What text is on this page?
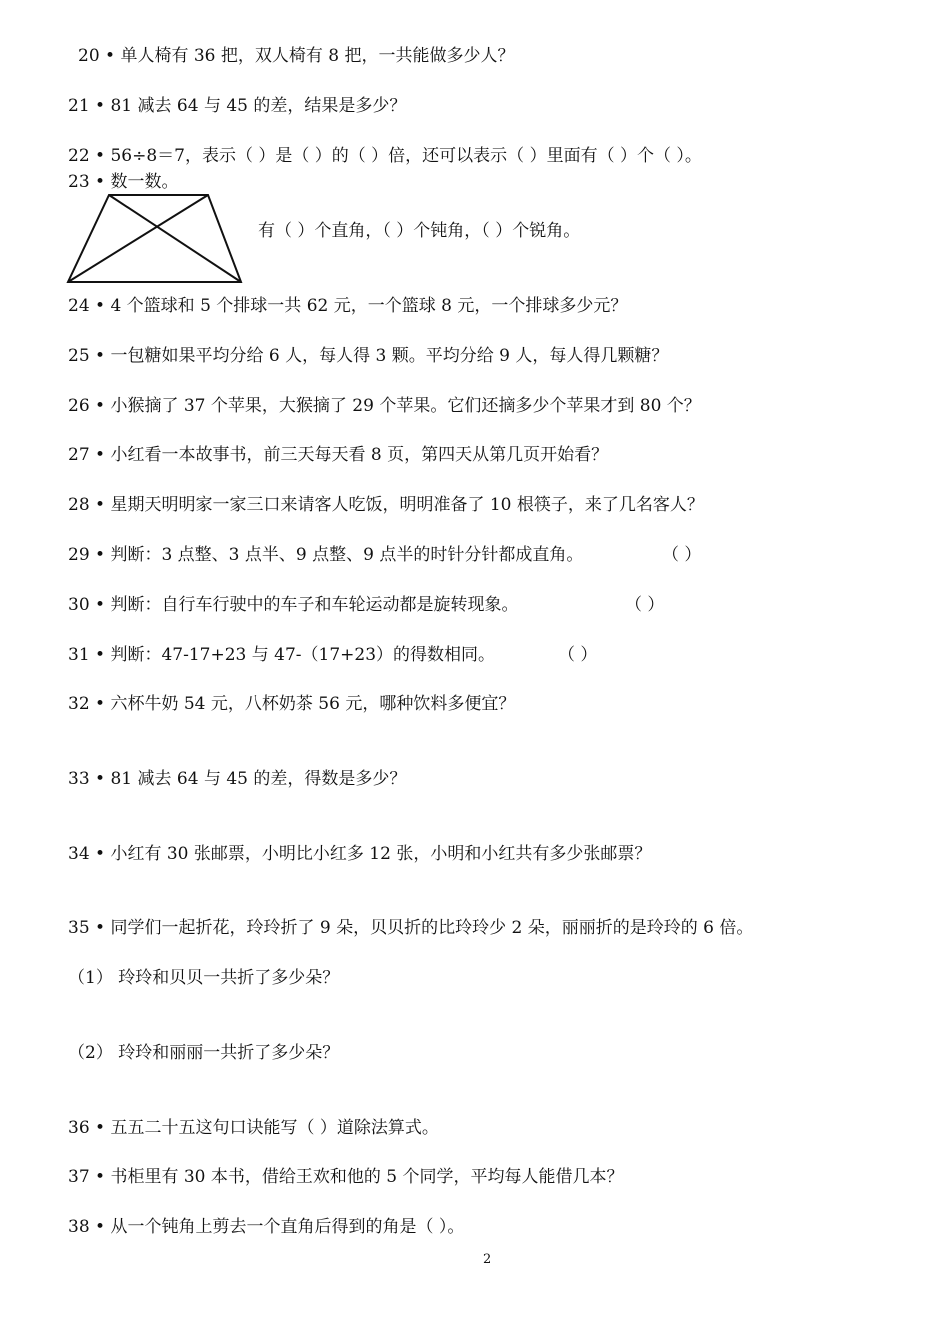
20 • 单人椅有 36 把，双人椅有 8 把，一共能做多少人？
21 • 81 减去 64 与 45 的差，结果是多少？
22 • 56÷8＝7，表示（ ）是（ ）的（ ）倍，还可以表示（ ）里面有（ ）个（ ）。
23 • 数一数。
有（ ）个直角，（ ）个钝角，（ ）个锐角。
24 • 4 个篮球和 5 个排球一共 62 元，一个篮球 8 元，一个排球多少元？
25 • 一包糖如果平均分给 6 人，每人得 3 颗。平均分给 9 人，每人得几颗糖？
26 • 小猴摘了 37 个苹果，大猴摘了 29 个苹果。它们还摘多少个苹果才到 80 个？
27 • 小红看一本故事书，前三天每天看 8 页，第四天从第几页开始看？
28 • 星期天明明家一家三口来请客人吃饭，明明准备了 10 根筷子，来了几名客人？
29 • 判断：3 点整、3 点半、9 点整、9 点半的时针分针都成直角。	（ ）
30 • 判断：自行车行驶中的车子和车轮运动都是旋转现象。	（ ）
31 • 判断：47-17+23 与 47-（17+23）的得数相同。	（ ）
32 • 六杯牛奶 54 元，八杯奶茶 56 元，哪种饮料多便宜？
33 • 81 减去 64 与 45 的差，得数是多少？
34 • 小红有 30 张邮票，小明比小红多 12 张，小明和小红共有多少张邮票？
35 • 同学们一起折花，玲玲折了 9 朵，贝贝折的比玲玲少 2 朵，丽丽折的是玲玲的 6 倍。
（1） 玲玲和贝贝一共折了多少朵？
（2） 玲玲和丽丽一共折了多少朵？
36 • 五五二十五这句口诀能写（ ）道除法算式。
37 • 书柜里有 30 本书，借给王欢和他的 5 个同学，平均每人能借几本？
38 • 从一个钝角上剪去一个直角后得到的角是（ ）。
2
